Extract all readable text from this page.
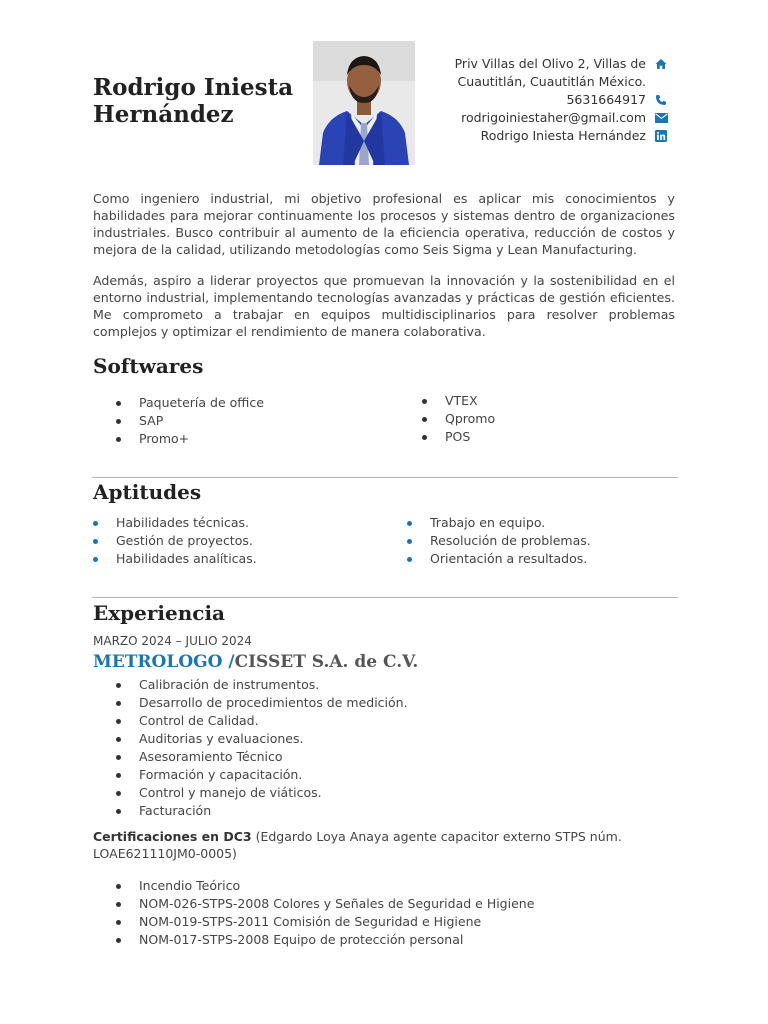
Rodrigo Iniesta
Hernández
Priv Villas del Olivo 2, Villas de Cuautitlán, Cuautitlán México.
5631664917
rodrigoiniestaher@gmail.com
Rodrigo Iniesta Hernández
Como ingeniero industrial, mi objetivo profesional es aplicar mis conocimientos y habilidades para mejorar continuamente los procesos y sistemas dentro de organizaciones industriales. Busco contribuir al aumento de la eficiencia operativa, reducción de costos y mejora de la calidad, utilizando metodologías como Seis Sigma y Lean Manufacturing.
Además, aspiro a liderar proyectos que promuevan la innovación y la sostenibilidad en el entorno industrial, implementando tecnologías avanzadas y prácticas de gestión eficientes. Me comprometo a trabajar en equipos multidisciplinarios para resolver problemas complejos y optimizar el rendimiento de manera colaborativa.
Softwares
Paquetería de office
SAP
Promo+
VTEX
Qpromo
POS
Aptitudes
Habilidades técnicas.
Gestión de proyectos.
Habilidades analíticas.
Trabajo en equipo.
Resolución de problemas.
Orientación a resultados.
Experiencia
MARZO 2024 – JULIO 2024
METROLOGO /CISSET S.A. de C.V.
Calibración de instrumentos.
Desarrollo de procedimientos de medición.
Control de Calidad.
Auditorias y evaluaciones.
Asesoramiento Técnico
Formación y capacitación.
Control y manejo de viáticos.
Facturación
Certificaciones en DC3 (Edgardo Loya Anaya agente capacitor externo STPS núm. LOAE621110JM0-0005)
Incendio Teórico
NOM-026-STPS-2008 Colores y Señales de Seguridad e Higiene
NOM-019-STPS-2011 Comisión de Seguridad e Higiene
NOM-017-STPS-2008 Equipo de protección personal
